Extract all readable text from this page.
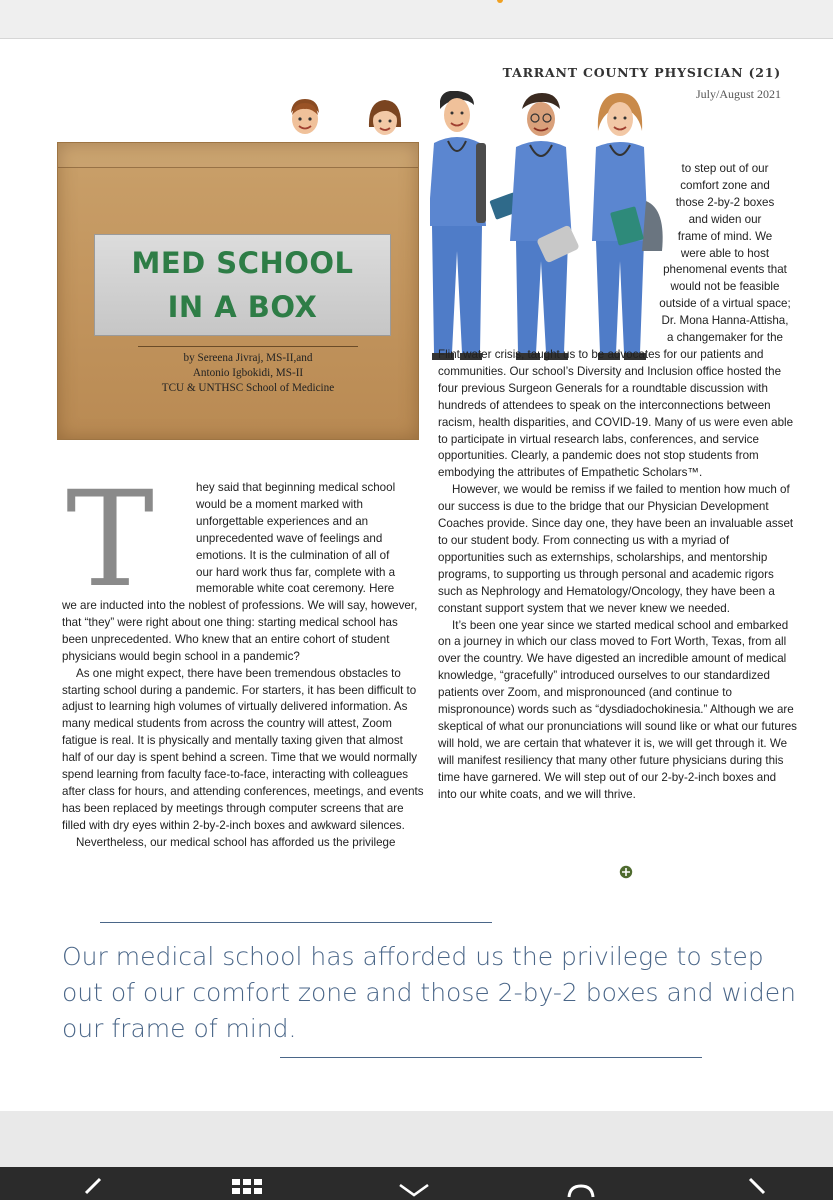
TARRANT COUNTY PHYSICIAN (21)
July/August 2021
MED SCHOOL
IN A BOX
by Sereena Jivraj, MS-II,and
Antonio Igbokidi, MS-II
TCU & UNTHSC School of Medicine
T	hey said that beginning medical school
would be a moment marked with
unforgettable experiences and an
unprecedented wave of feelings and
emotions. It is the culmination of all of
our hard work thus far, complete with a
memorable white coat ceremony. Here

we are inducted into the noblest of professions. We will say, however, that “they” were right about one thing: starting medical school has been unprecedented. Who knew that an entire cohort of student physicians would begin school in a pandemic?

As one might expect, there have been tremendous obstacles to starting school during a pandemic. For starters, it has been difficult to adjust to learning high volumes of virtually delivered information. As many medical students from across the country will attest, Zoom fatigue is real. It is physically and mentally taxing given that almost half of our day is spent behind a screen. Time that we would normally spend learning from faculty face-to-face, interacting with colleagues after class for hours, and attending conferences, meetings, and events has been replaced by meetings through computer screens that are filled with dry eyes within 2-by-2-inch boxes and awkward silences.

Nevertheless, our medical school has afforded us the privilege

to step out of our
comfort zone and
those 2-by-2 boxes
and widen our
frame of mind. We
were able to host
phenomenal events that
would not be feasible
outside of a virtual space;
Dr. Mona Hanna-Attisha,
a changemaker for the

Flint water crisis, taught us to be advocates for our patients and communities. Our school’s Diversity and Inclusion office hosted the four previous Surgeon Generals for a roundtable discussion with hundreds of attendees to speak on the interconnections between racism, health disparities, and COVID-19. Many of us were even able to participate in virtual research labs, conferences, and service opportunities. Clearly, a pandemic does not stop students from embodying the attributes of Empathetic Scholars™.

However, we would be remiss if we failed to mention how much of our success is due to the bridge that our Physician Development Coaches provide. Since day one, they have been an invaluable asset to our student body. From connecting us with a myriad of opportunities such as externships, scholarships, and mentorship programs, to supporting us through personal and academic rigors such as Nephrology and Hematology/Oncology, they have been a constant support system that we never knew we needed.

It’s been one year since we started medical school and embarked on a journey in which our class moved to Fort Worth, Texas, from all over the country. We have digested an incredible amount of medical knowledge, “gracefully” introduced ourselves to our standardized patients over Zoom, and mispronounced (and continue to mispronounce) words such as “dysdiadochokinesia.” Although we are skeptical of what our pronunciations will sound like or what our futures will hold, we are certain that whatever it is, we will get through it. We will manifest resiliency that many other future physicians during this time have garnered. We will step out of our 2-by-2-inch boxes and into our white coats, and we will thrive.

Our medical school has afforded us the privilege to step out of our comfort zone and those 2-by-2 boxes and widen our frame of mind.
